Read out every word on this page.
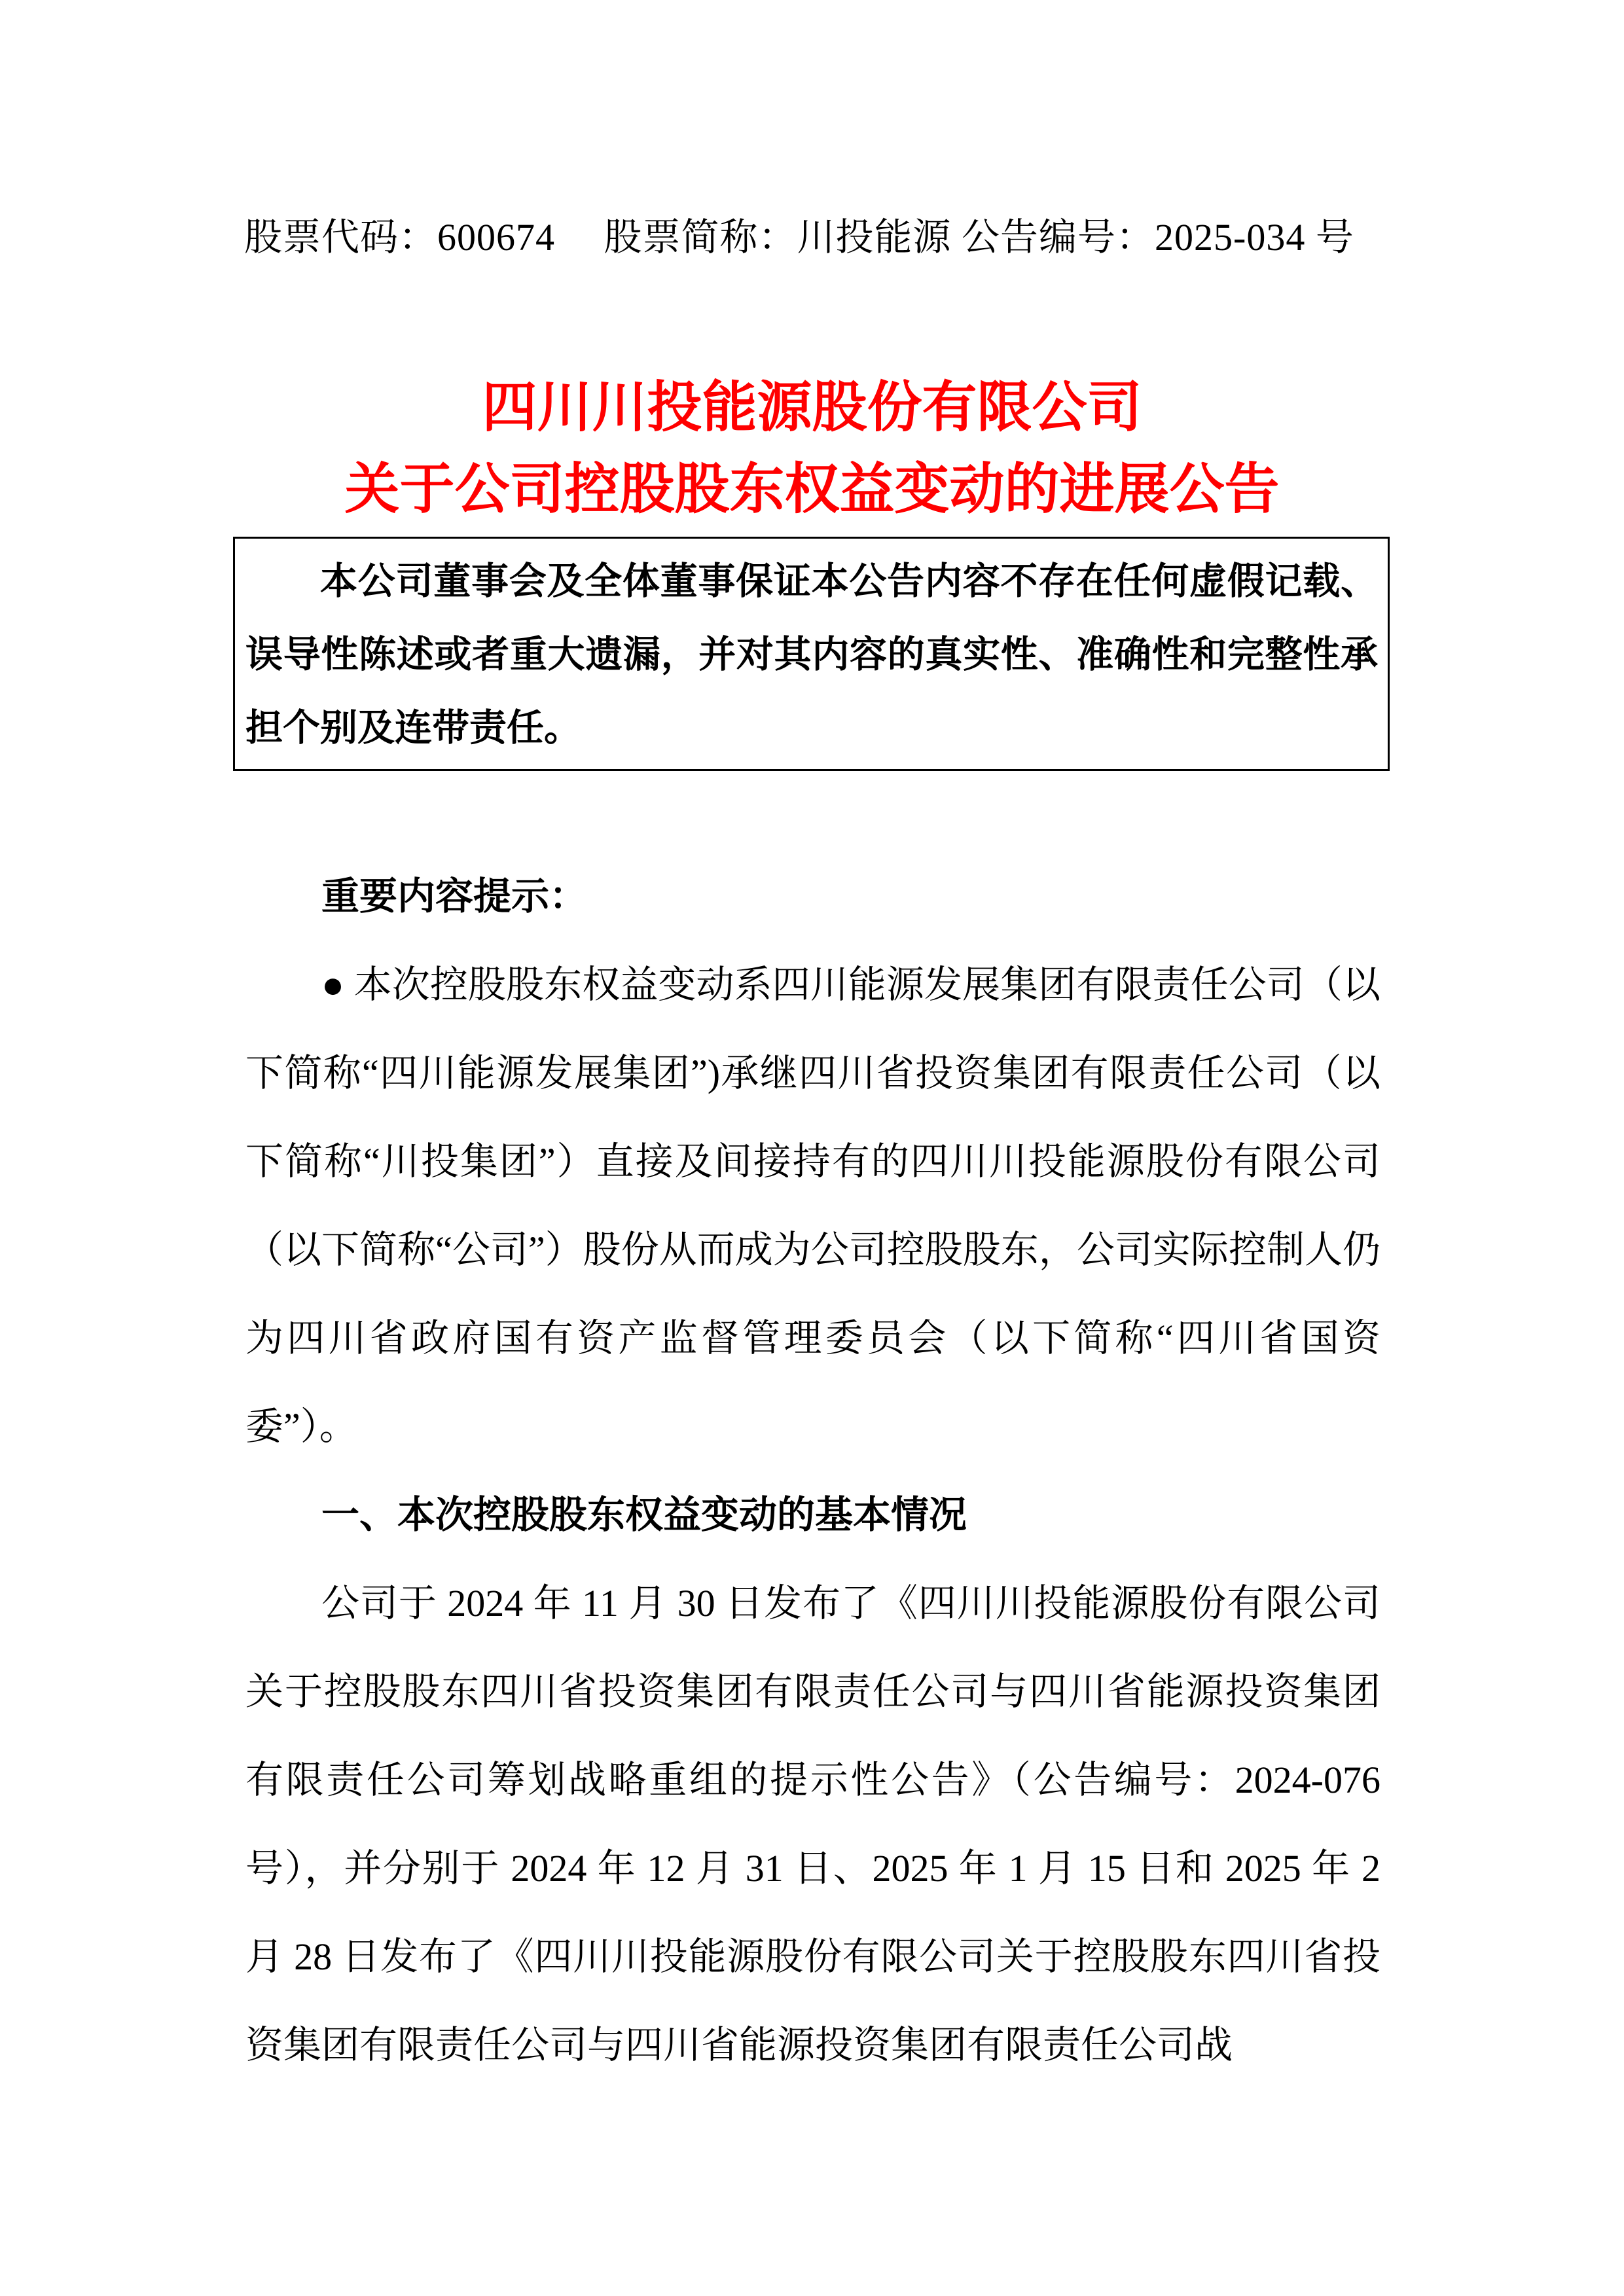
股票代码：600674　 股票简称：川投能源 公告编号：2025-034 号
四川川投能源股份有限公司
关于公司控股股东权益变动的进展公告

本公司董事会及全体董事保证本公告内容不存在任何虚假记载、误导性陈述或者重大遗漏，并对其内容的真实性、准确性和完整性承担个别及连带责任。

重要内容提示：

● 本次控股股东权益变动系四川能源发展集团有限责任公司（以下简称“四川能源发展集团”)承继四川省投资集团有限责任公司（以下简称“川投集团”）直接及间接持有的四川川投能源股份有限公司（以下简称“公司”）股份从而成为公司控股股东，公司实际控制人仍为四川省政府国有资产监督管理委员会（以下简称“四川省国资委”）。

一、本次控股股东权益变动的基本情况

公司于 2024 年 11 月 30 日发布了《四川川投能源股份有限公司关于控股股东四川省投资集团有限责任公司与四川省能源投资集团有限责任公司筹划战略重组的提示性公告》（公告编号：2024-076 号），并分别于 2024 年 12 月 31 日、2025 年 1 月 15 日和 2025 年 2 月 28 日发布了《四川川投能源股份有限公司关于控股股东四川省投资集团有限责任公司与四川省能源投资集团有限责任公司战
